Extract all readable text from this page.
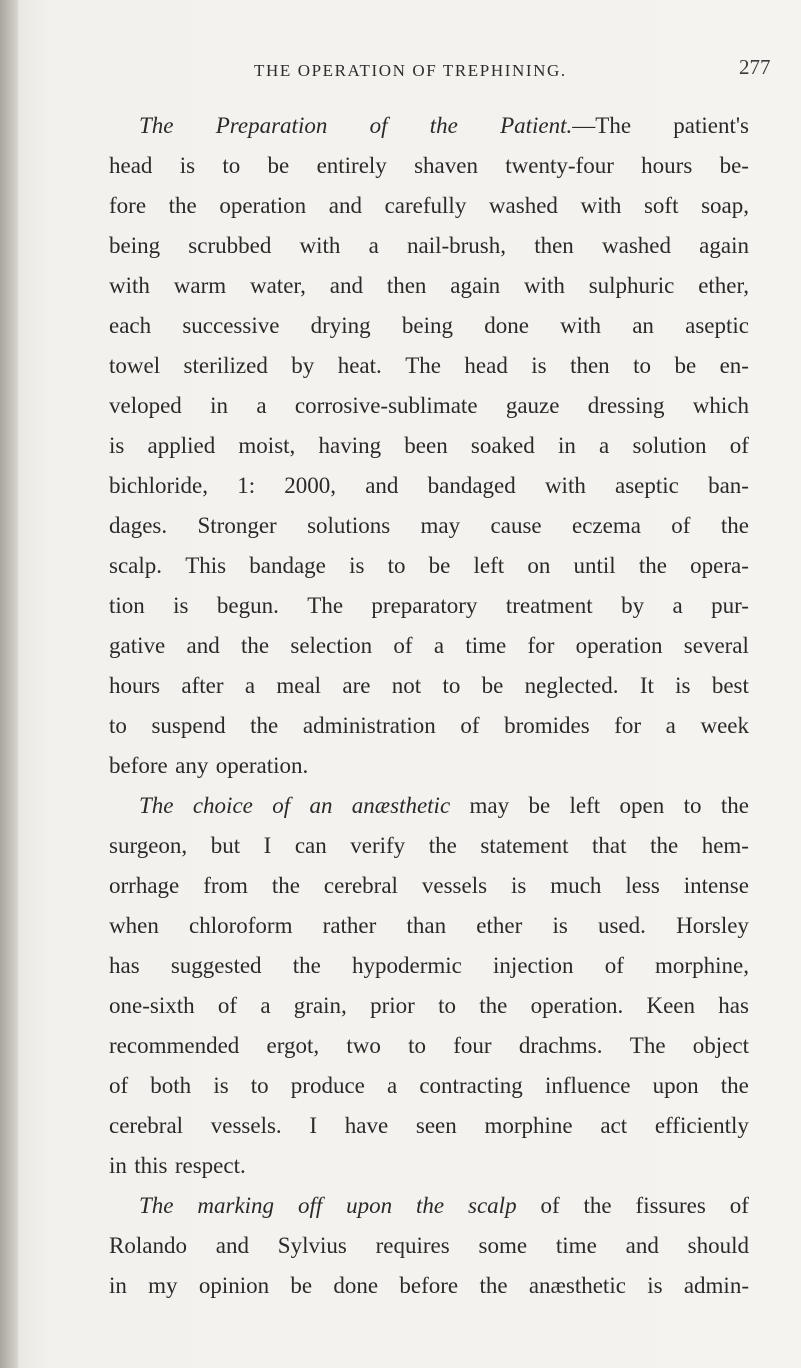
THE OPERATION OF TREPHINING.	277
The Preparation of the Patient.—The patient's
head is to be entirely shaven twenty-four hours be-
fore the operation and carefully washed with soft soap,
being scrubbed with a nail-brush, then washed again
with warm water, and then again with sulphuric ether,
each successive drying being done with an aseptic
towel sterilized by heat. The head is then to be en-
veloped in a corrosive-sublimate gauze dressing which
is applied moist, having been soaked in a solution of
bichloride, 1: 2000, and bandaged with aseptic ban-
dages. Stronger solutions may cause eczema of the
scalp. This bandage is to be left on until the opera-
tion is begun. The preparatory treatment by a pur-
gative and the selection of a time for operation several
hours after a meal are not to be neglected. It is best
to suspend the administration of bromides for a week
before any operation.
The choice of an anæsthetic may be left open to the
surgeon, but I can verify the statement that the hem-
orrhage from the cerebral vessels is much less intense
when chloroform rather than ether is used. Horsley
has suggested the hypodermic injection of morphine,
one-sixth of a grain, prior to the operation. Keen has
recommended ergot, two to four drachms. The object
of both is to produce a contracting influence upon the
cerebral vessels. I have seen morphine act efficiently
in this respect.
The marking off upon the scalp of the fissures of
Rolando and Sylvius requires some time and should
in my opinion be done before the anæsthetic is admin-
